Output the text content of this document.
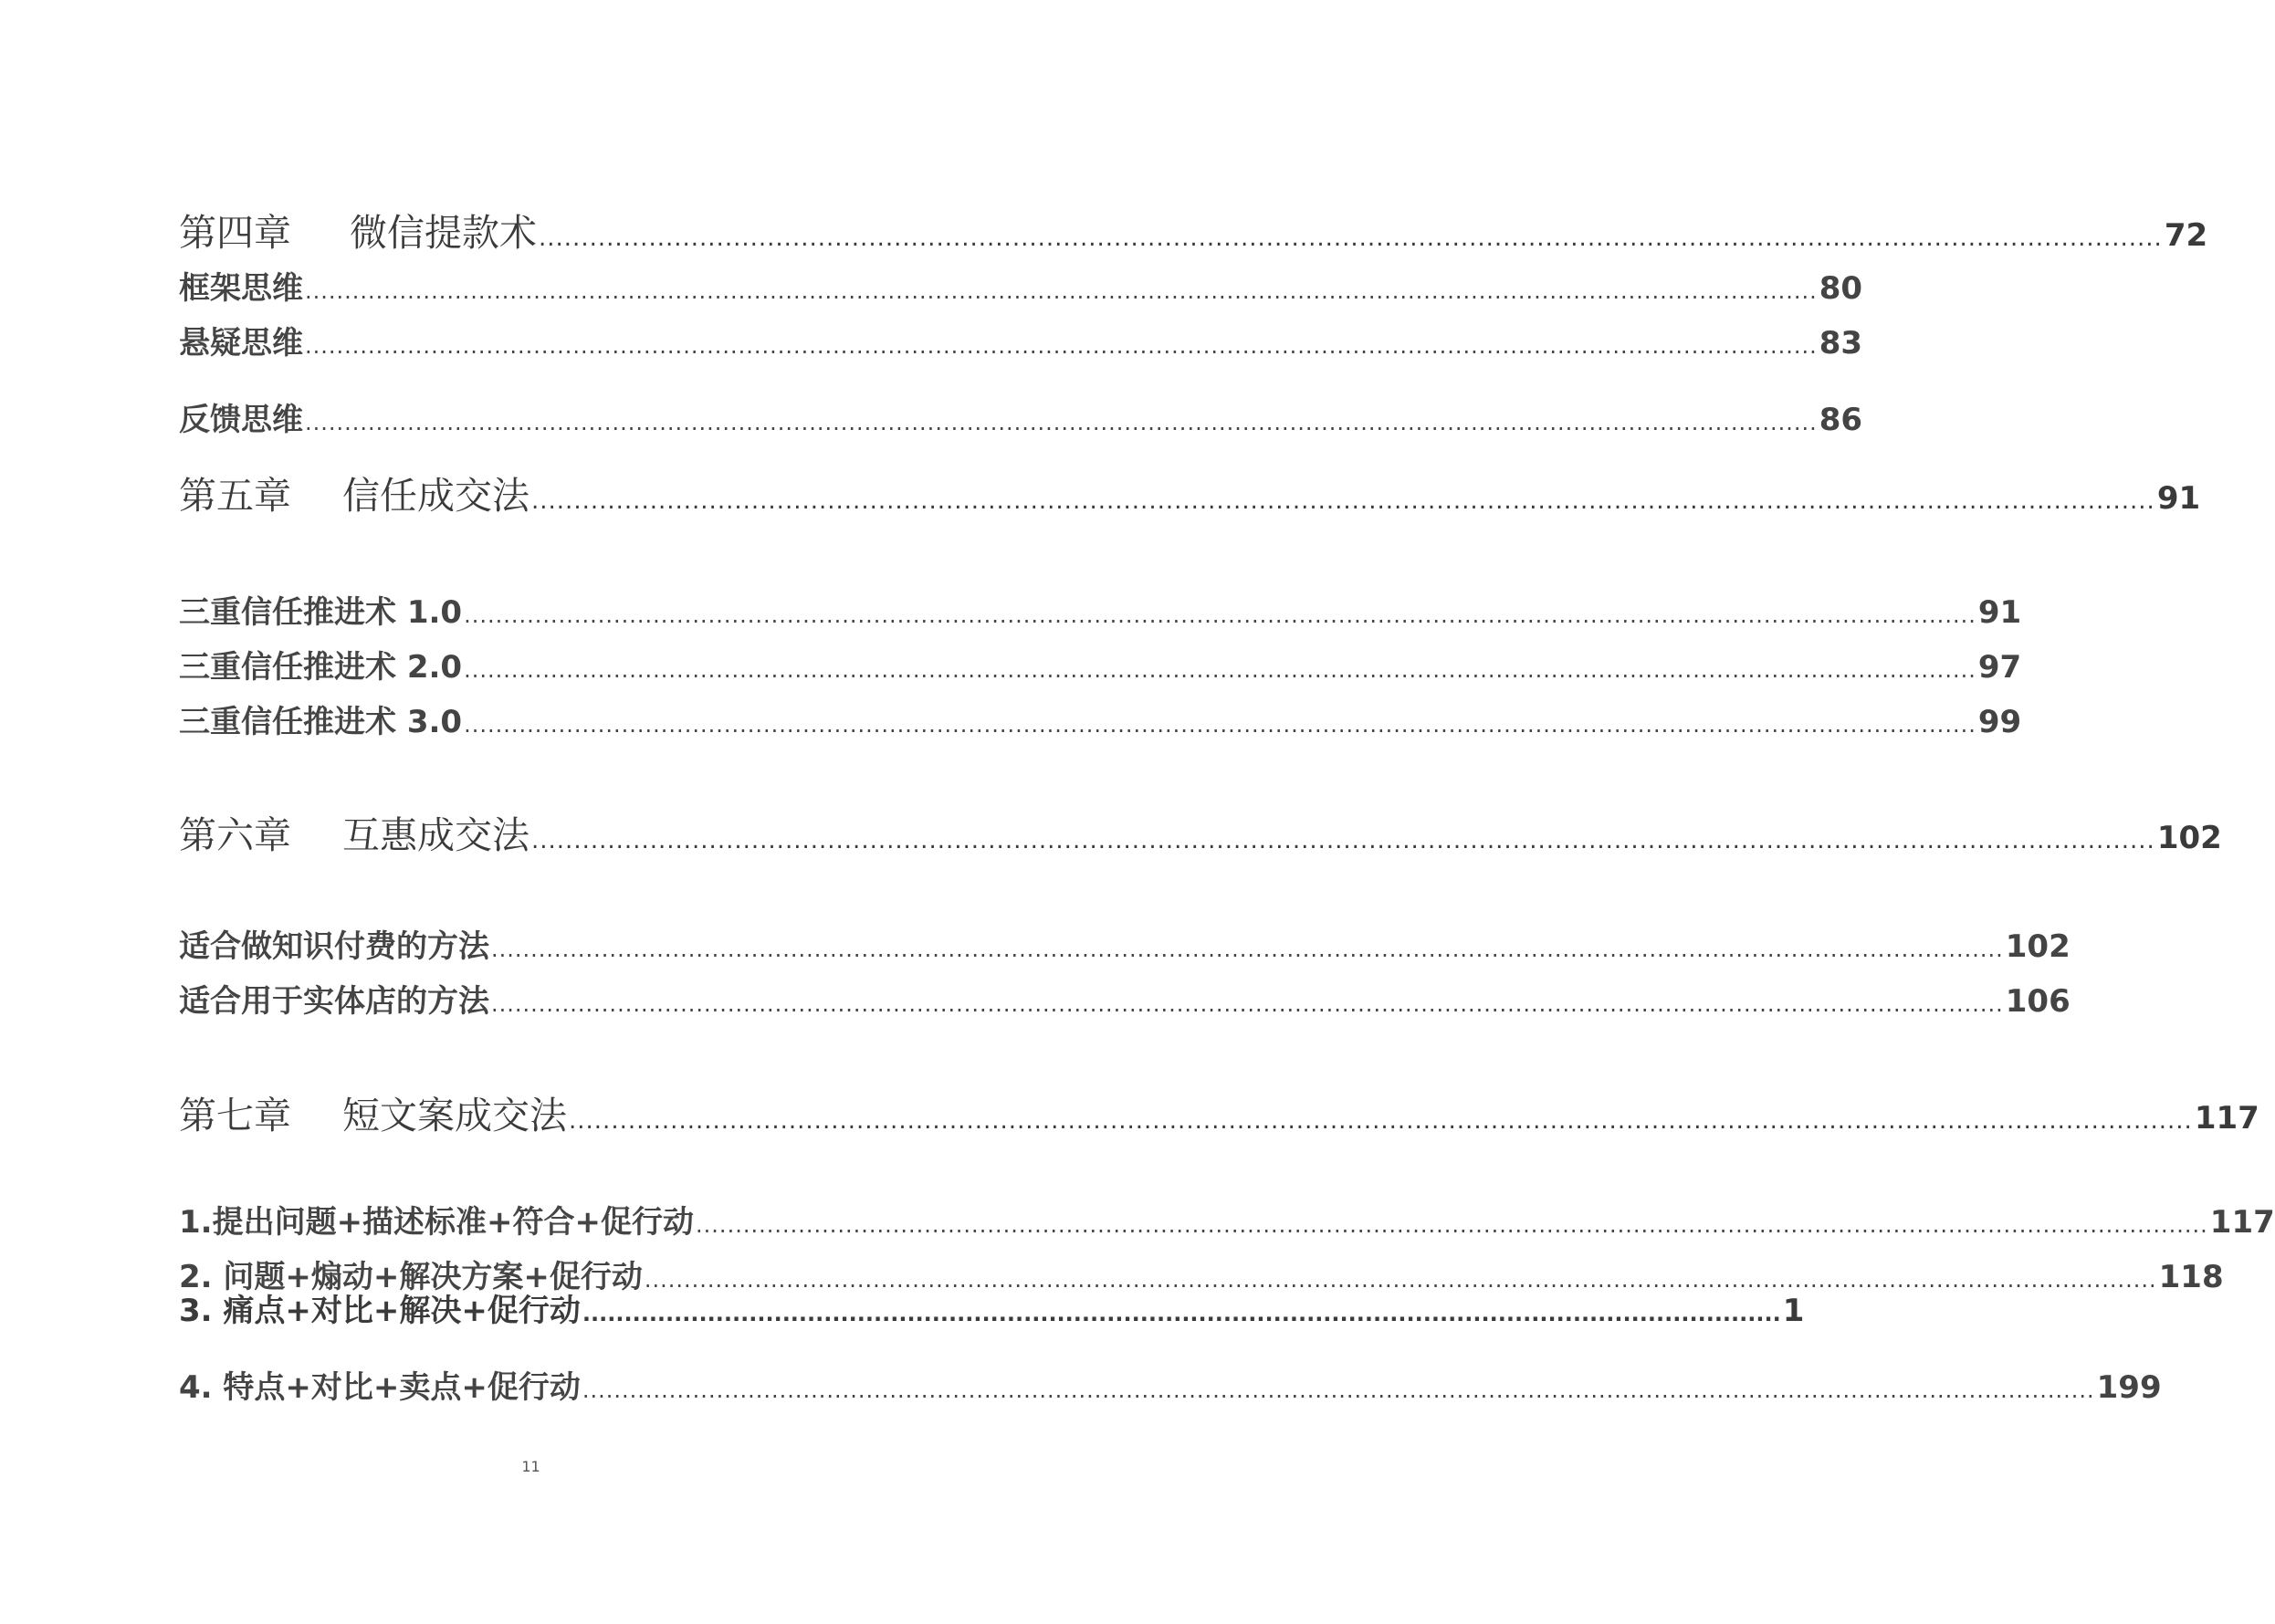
第四章 微信提款术 .....	72
框架思维 .....	80
悬疑思维 .....	83
反馈思维 .....	86
第五章 信任成交法 .....	91
三重信任推进术 1.0 .....	91
三重信任推进术 2.0 .....	97
三重信任推进术 3.0 .....	99
第六章 互惠成交法 .....	102
适合做知识付费的方法 .....	102
适合用于实体店的方法 .....	106
第七章 短文案成交法 .....	117
1.提出问题+描述标准+符合+促行动 .....	117
2. 问题+煽动+解决方案+促行动 .....	118
3. 痛点+对比+解决+促行动 .....	1
4. 特点+对比+卖点+促行动 .....	199
11
